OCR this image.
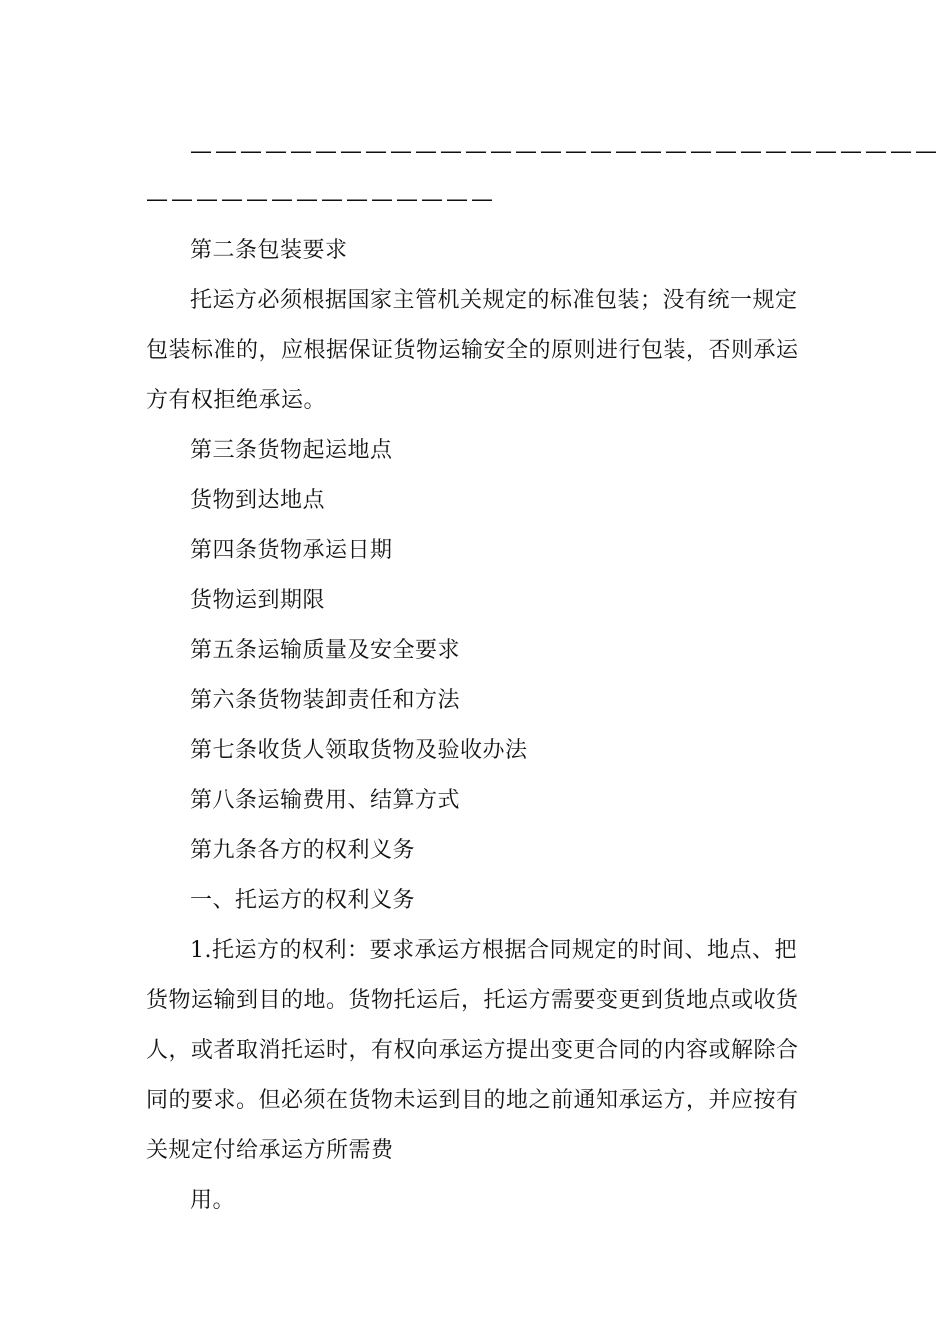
——————————————————————————————
——————————————
第二条包装要求
托运方必须根据国家主管机关规定的标准包装；没有统一规定
包装标准的，应根据保证货物运输安全的原则进行包装，否则承运
方有权拒绝承运。
第三条货物起运地点
货物到达地点
第四条货物承运日期
货物运到期限
第五条运输质量及安全要求
第六条货物装卸责任和方法
第七条收货人领取货物及验收办法
第八条运输费用、结算方式
第九条各方的权利义务
一、托运方的权利义务
1.托运方的权利：要求承运方根据合同规定的时间、地点、把
货物运输到目的地。货物托运后，托运方需要变更到货地点或收货
人，或者取消托运时，有权向承运方提出变更合同的内容或解除合
同的要求。但必须在货物未运到目的地之前通知承运方，并应按有
关规定付给承运方所需费
用。
